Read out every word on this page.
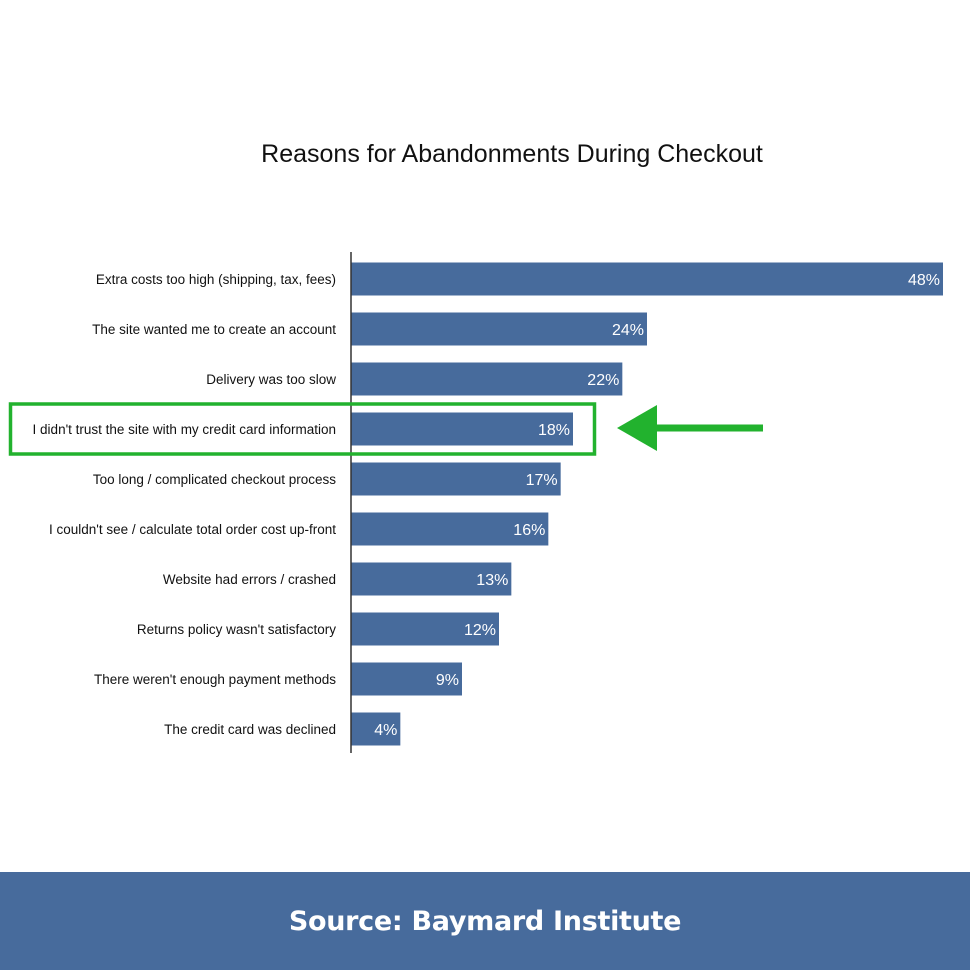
Reasons for Abandonments During Checkout
Extra costs too high (shipping, tax, fees)	48%
The site wanted me to create an account	24%
Delivery was too slow	22%
I didn't trust the site with my credit card information	18%
Too long / complicated checkout process	17%
I couldn't see / calculate total order cost up-front	16%
Website had errors / crashed	13%
Returns policy wasn't satisfactory	12%
There weren't enough payment methods	9%
The credit card was declined 4%
Source: Baymard Institute
